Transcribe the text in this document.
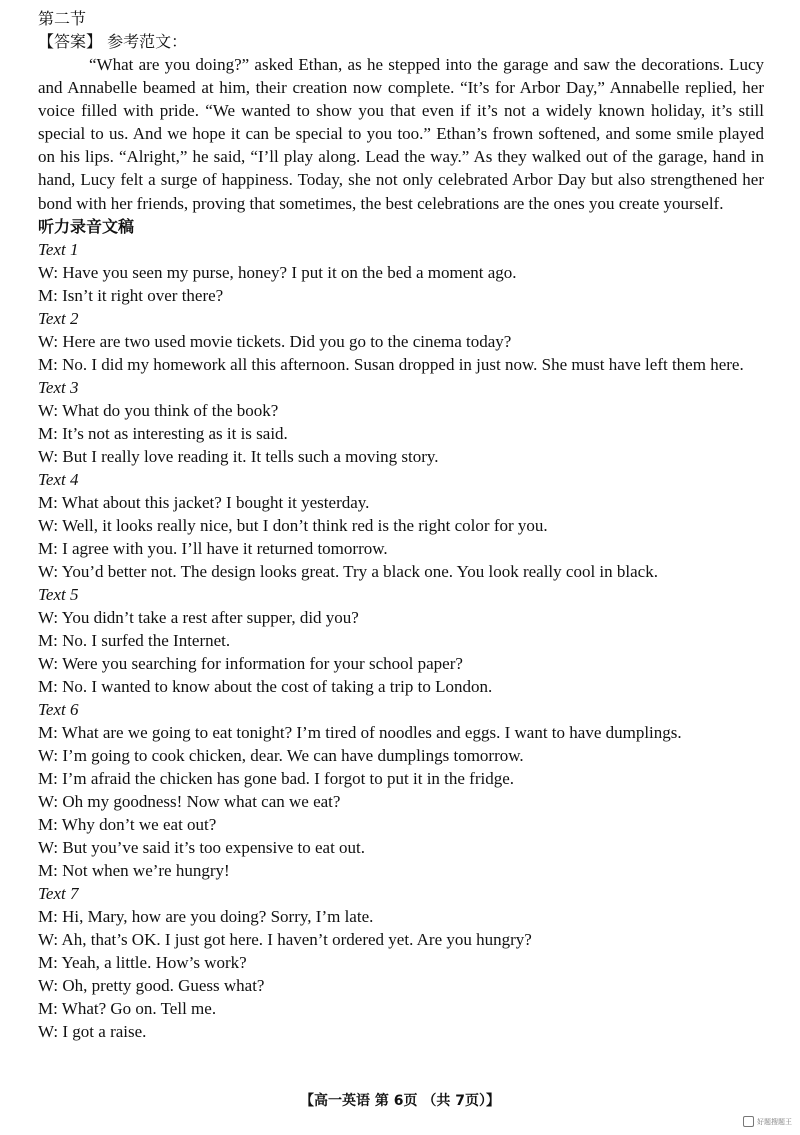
第二节

【答案】 参考范文：

“What are you doing?” asked Ethan, as he stepped into the garage and saw the decorations. Lucy and Annabelle beamed at him, their creation now complete. “It’s for Arbor Day,” Annabelle replied, her voice filled with pride. “We wanted to show you that even if it’s not a widely known holiday, it’s still special to us. And we hope it can be special to you too.” Ethan’s frown softened, and some smile played on his lips. “Alright,” he said, “I’ll play along. Lead the way.” As they walked out of the garage, hand in hand, Lucy felt a surge of happiness. Today, she not only celebrated Arbor Day but also strengthened her bond with her friends, proving that sometimes, the best celebrations are the ones you create yourself.

听力录音文稿

Text 1

W: Have you seen my purse, honey? I put it on the bed a moment ago.

M: Isn’t it right over there?

Text 2

W: Here are two used movie tickets. Did you go to the cinema today?

M: No. I did my homework all this afternoon. Susan dropped in just now. She must have left them here.

Text 3

W: What do you think of the book?

M: It’s not as interesting as it is said.

W: But I really love reading it. It tells such a moving story.

Text 4

M: What about this jacket? I bought it yesterday.

W: Well, it looks really nice, but I don’t think red is the right color for you.

M: I agree with you. I’ll have it returned tomorrow.

W: You’d better not. The design looks great. Try a black one. You look really cool in black.

Text 5

W: You didn’t take a rest after supper, did you?

M: No. I surfed the Internet.

W: Were you searching for information for your school paper?

M: No. I wanted to know about the cost of taking a trip to London.

Text 6

M: What are we going to eat tonight? I’m tired of noodles and eggs. I want to have dumplings.

W: I’m going to cook chicken, dear. We can have dumplings tomorrow.

M: I’m afraid the chicken has gone bad. I forgot to put it in the fridge.

W: Oh my goodness! Now what can we eat?

M: Why don’t we eat out?

W: But you’ve said it’s too expensive to eat out.

M: Not when we’re hungry!

Text 7

M: Hi, Mary, how are you doing? Sorry, I’m late.

W: Ah, that’s OK. I just got here. I haven’t ordered yet. Are you hungry?

M: Yeah, a little. How’s work?

W: Oh, pretty good. Guess what?

M: What? Go on. Tell me.

W: I got a raise.

【高一英语 第 6页 （共 7页）】
好题搜题王
